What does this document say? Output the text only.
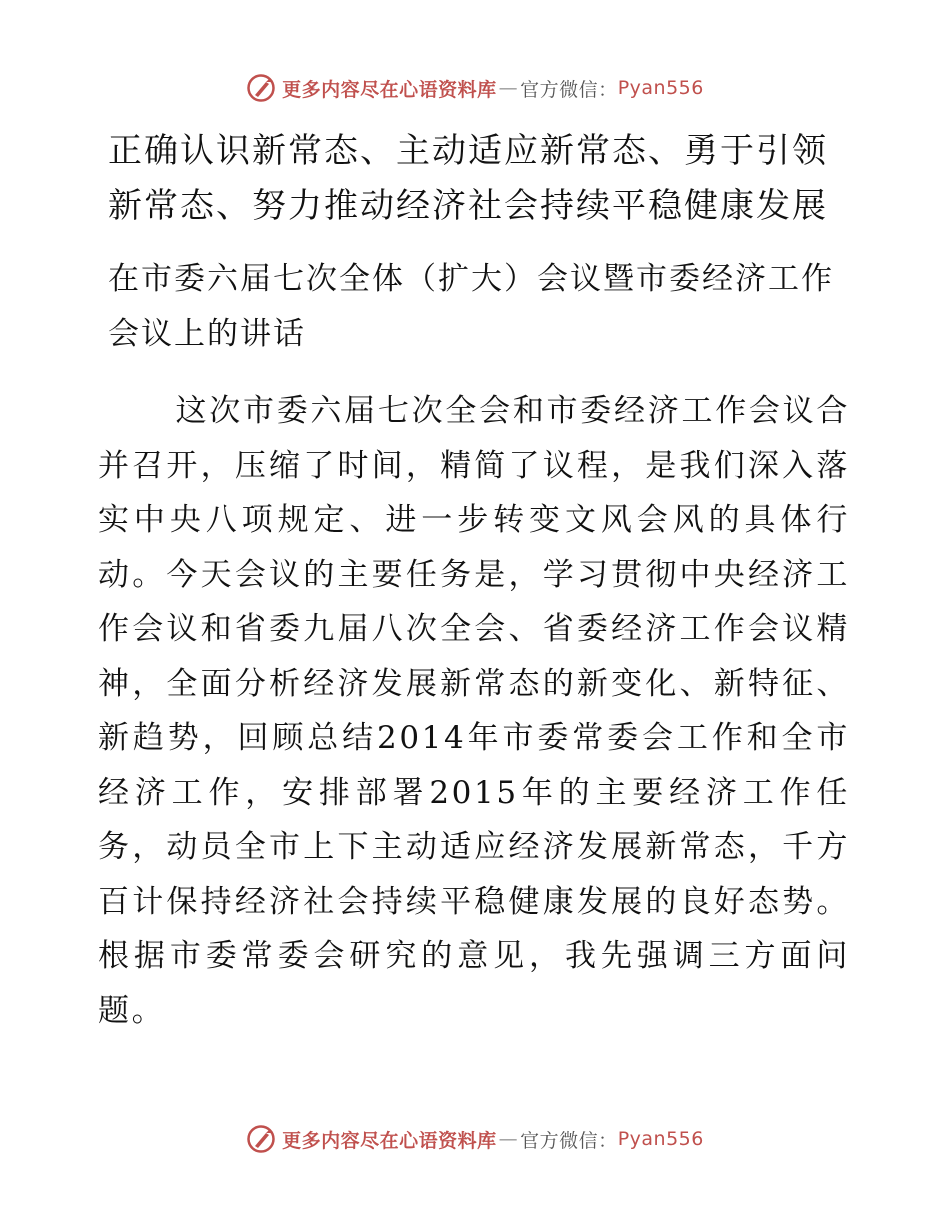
更多内容尽在心语资料库 — 官方微信： Pyan556
正确认识新常态、主动适应新常态、勇于引领新常态、努力推动经济社会持续平稳健康发展
在市委六届七次全体（扩大）会议暨市委经济工作会议上的讲话

这次市委六届七次全会和市委经济工作会议合并召开，压缩了时间，精简了议程，是我们深入落实中央八项规定、进一步转变文风会风的具体行动。今天会议的主要任务是，学习贯彻中央经济工作会议和省委九届八次全会、省委经济工作会议精神，全面分析经济发展新常态的新变化、新特征、新趋势，回顾总结2014年市委常委会工作和全市经济工作，安排部署2015年的主要经济工作任务，动员全市上下主动适应经济发展新常态，千方百计保持经济社会持续平稳健康发展的良好态势。根据市委常委会研究的意见，我先强调三方面问题。

更多内容尽在心语资料库 — 官方微信： Pyan556
